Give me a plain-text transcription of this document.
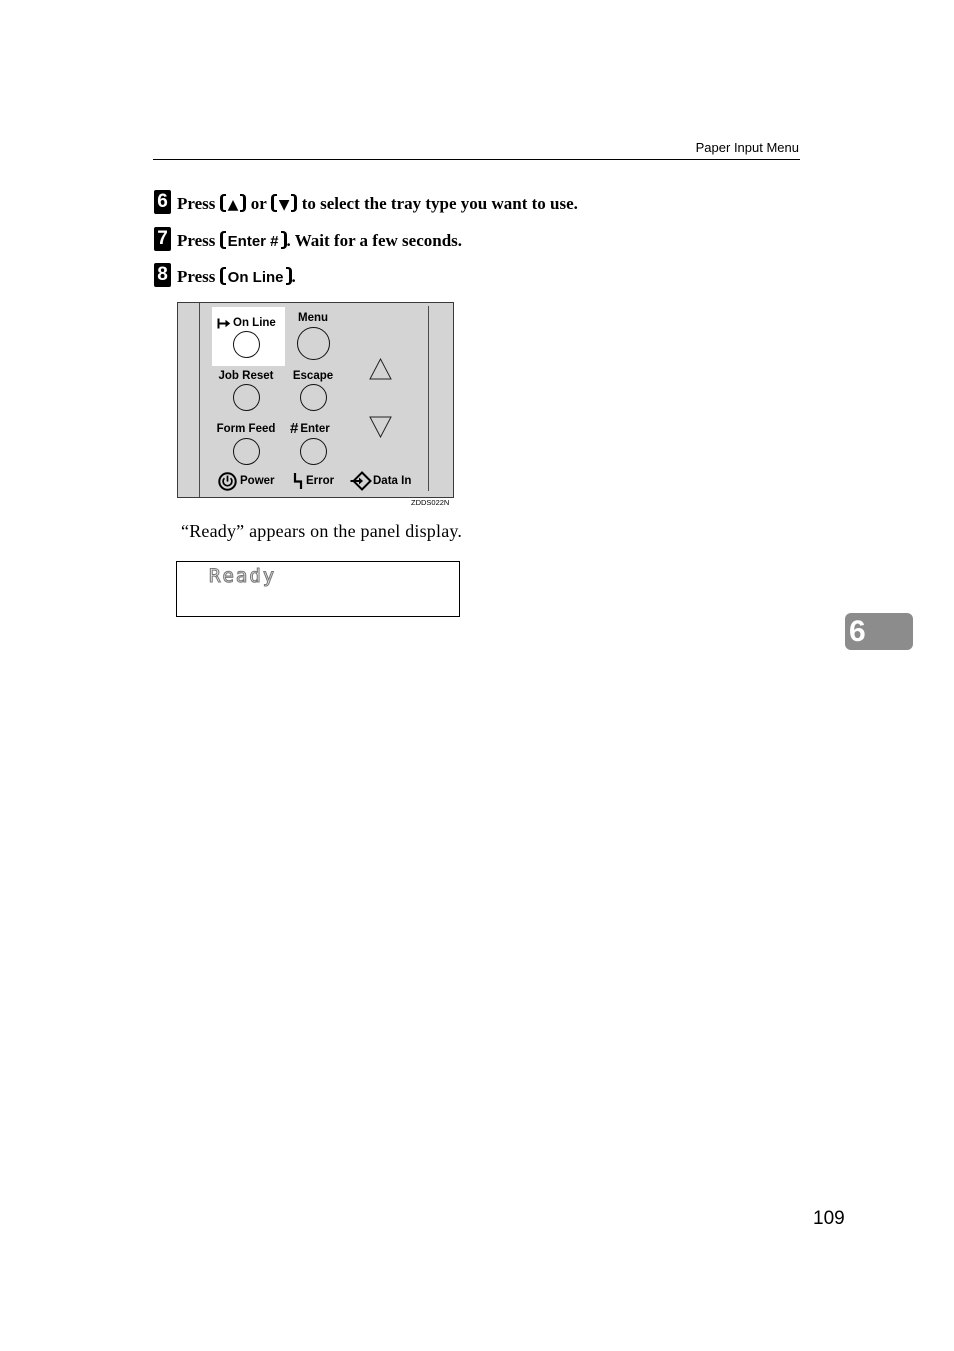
Paper Input Menu
6 Press ▲ or ▼ to select the tray type you want to use.
7 Press Enter # . Wait for a few seconds.
8 Press On Line .
On Line Menu
Job Reset Escape
Form Feed # Enter
Power	Error	Data In
ZDDS022N
“Ready” appears on the panel display.
Ready
6
109
